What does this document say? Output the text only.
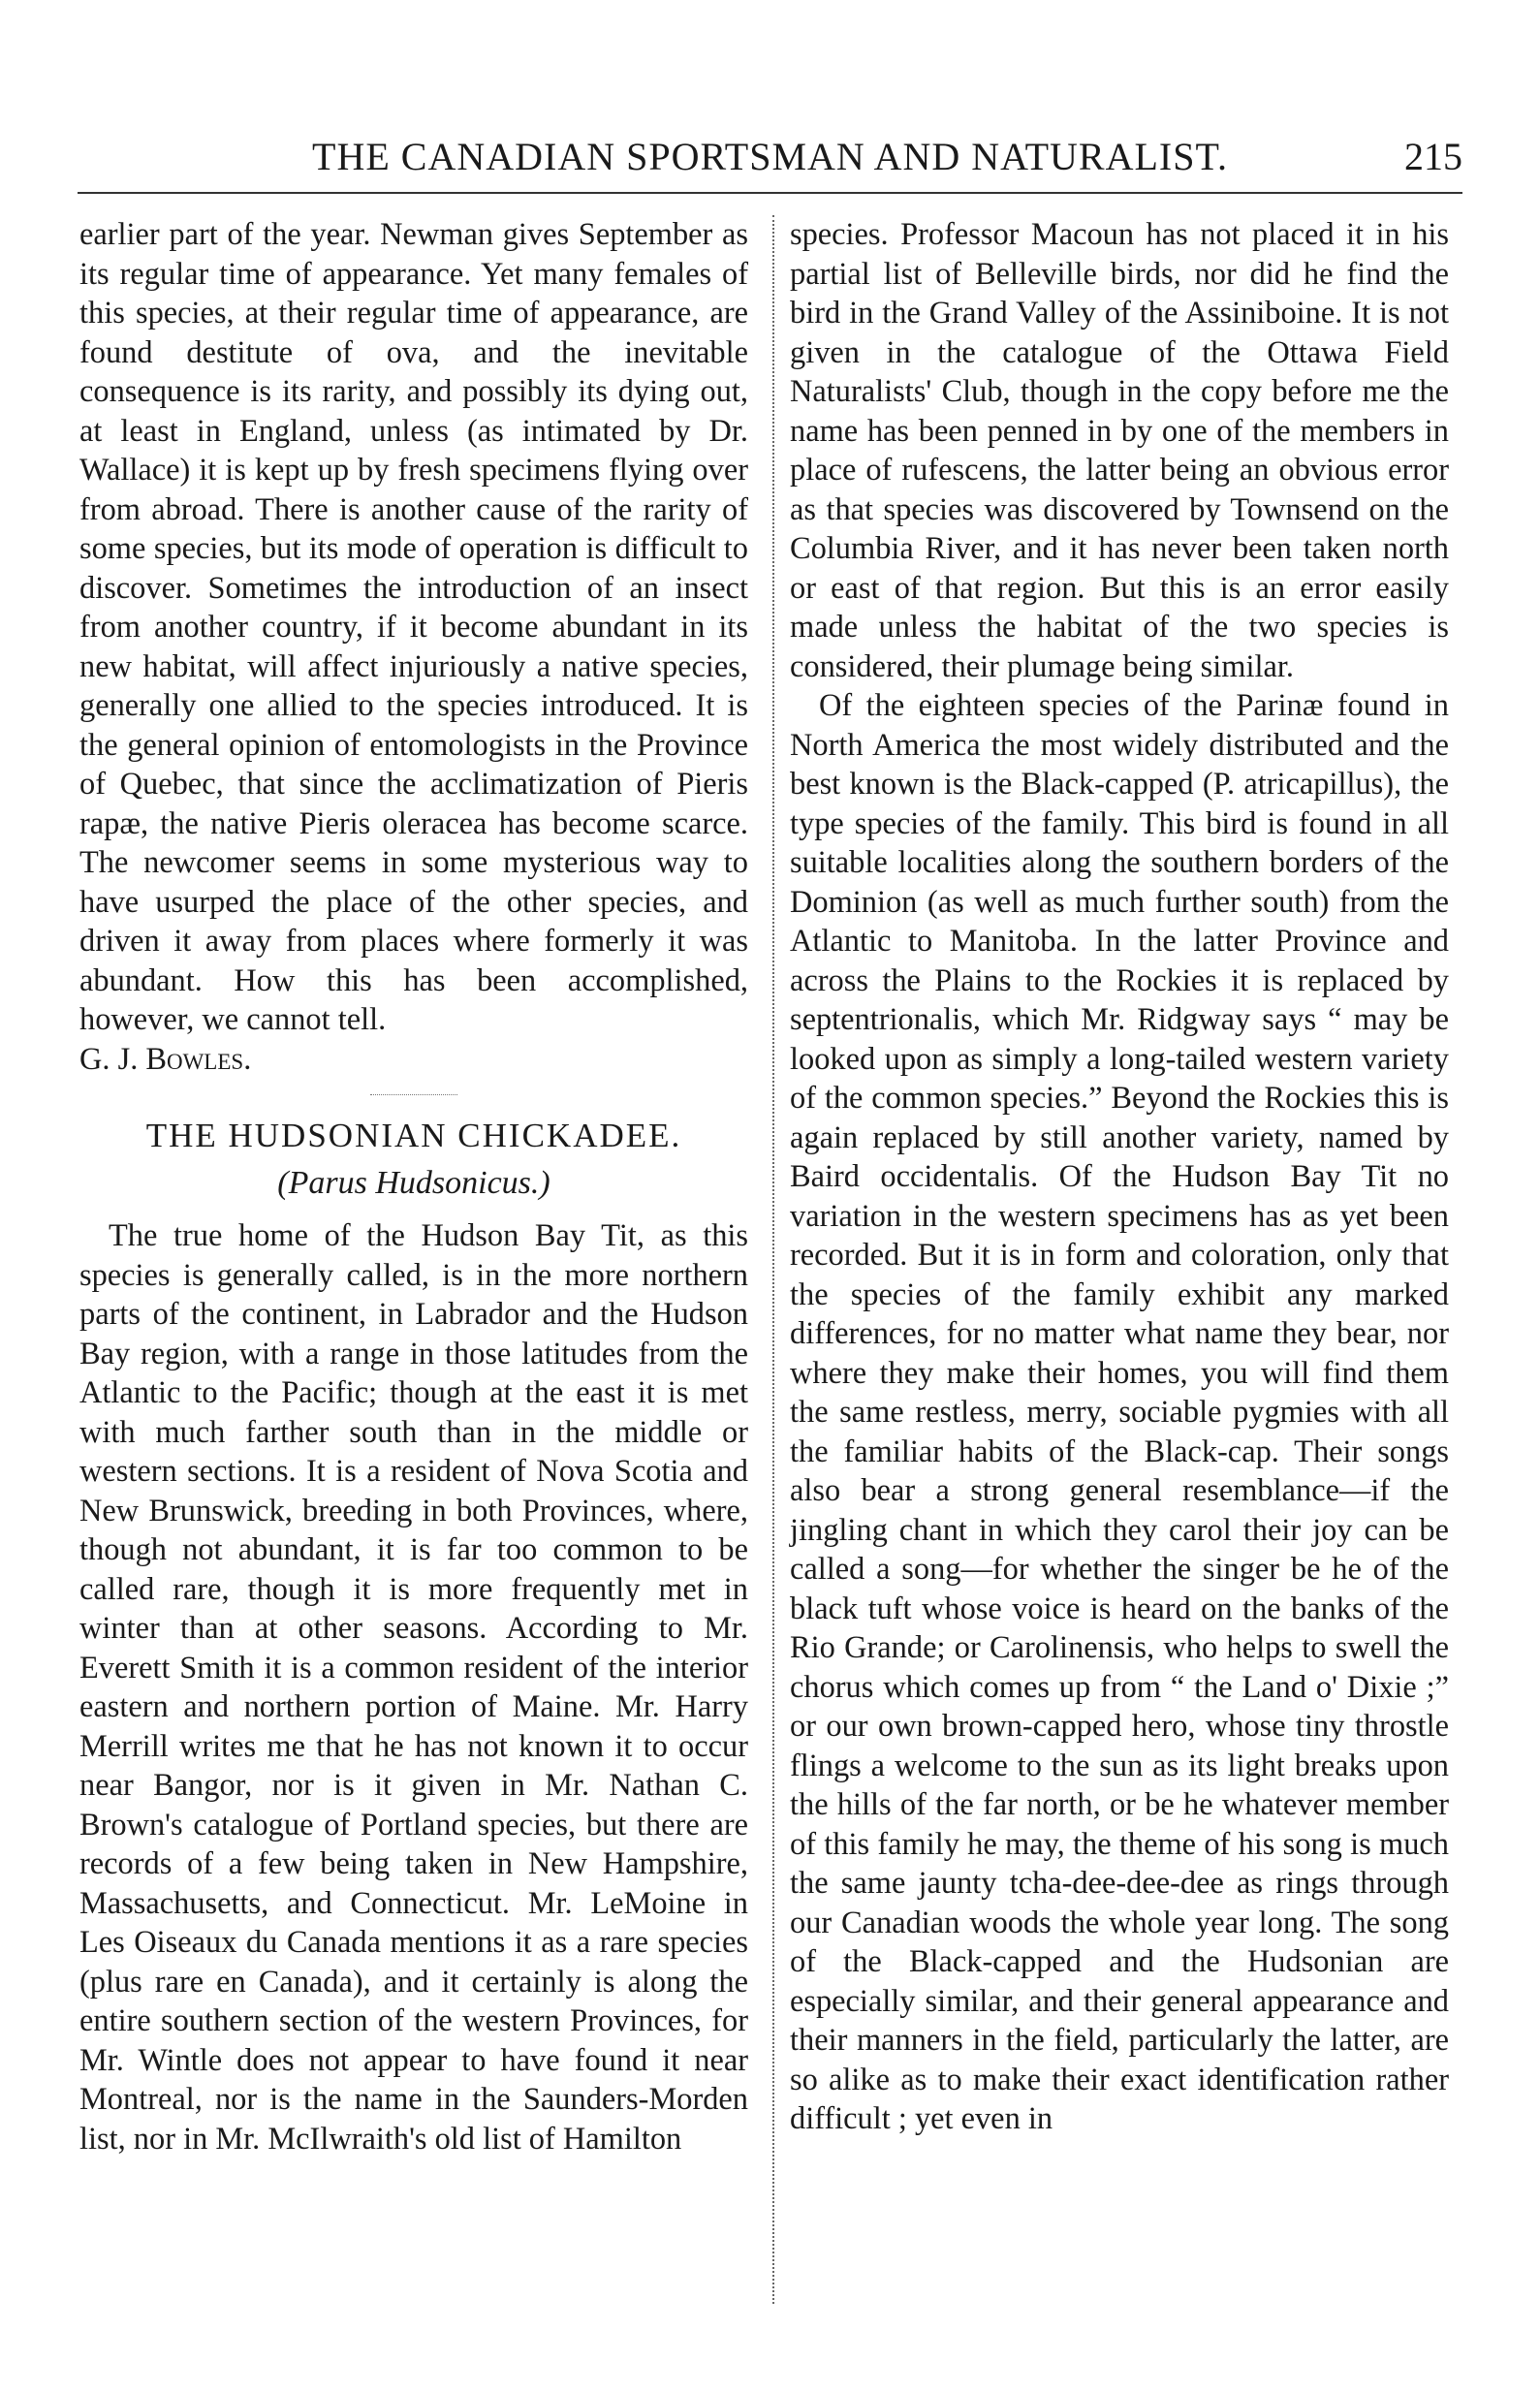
THE CANADIAN SPORTSMAN AND NATURALIST.	215

earlier part of the year. Newman gives September as its regular time of appearance. Yet many females of this species, at their regular time of appearance, are found destitute of ova, and the inevitable consequence is its rarity, and possibly its dying out, at least in England, unless (as intimated by Dr. Wallace) it is kept up by fresh specimens flying over from abroad. There is another cause of the rarity of some species, but its mode of operation is difficult to discover. Sometimes the introduction of an insect from another country, if it become abundant in its new habitat, will affect injuriously a native species, generally one allied to the species introduced. It is the general opinion of entomologists in the Province of Quebec, that since the acclimatization of Pieris rapæ, the native Pieris oleracea has become scarce. The newcomer seems in some mysterious way to have usurped the place of the other species, and driven it away from places where formerly it was abundant. How this has been accomplished, however, we cannot tell.

G. J. Bowles.

THE HUDSONIAN CHICKADEE.
(Parus Hudsonicus.)

The true home of the Hudson Bay Tit, as this species is generally called, is in the more northern parts of the continent, in Labrador and the Hudson Bay region, with a range in those latitudes from the Atlantic to the Pacific; though at the east it is met with much farther south than in the middle or western sections. It is a resident of Nova Scotia and New Brunswick, breeding in both Provinces, where, though not abundant, it is far too common to be called rare, though it is more frequently met in winter than at other seasons. According to Mr. Everett Smith it is a common resident of the interior eastern and northern portion of Maine. Mr. Harry Merrill writes me that he has not known it to occur near Bangor, nor is it given in Mr. Nathan C. Brown's catalogue of Portland species, but there are records of a few being taken in New Hampshire, Massachusetts, and Connecticut. Mr. LeMoine in Les Oiseaux du Canada mentions it as a rare species (plus rare en Canada), and it certainly is along the entire southern section of the western Provinces, for Mr. Wintle does not appear to have found it near Montreal, nor is the name in the Saunders-Morden list, nor in Mr. McIlwraith's old list of Hamilton

species. Professor Macoun has not placed it in his partial list of Belleville birds, nor did he find the bird in the Grand Valley of the Assiniboine. It is not given in the catalogue of the Ottawa Field Naturalists' Club, though in the copy before me the name has been penned in by one of the members in place of rufescens, the latter being an obvious error as that species was discovered by Townsend on the Columbia River, and it has never been taken north or east of that region. But this is an error easily made unless the habitat of the two species is considered, their plumage being similar.

Of the eighteen species of the Parinæ found in North America the most widely distributed and the best known is the Black-capped (P. atricapillus), the type species of the family. This bird is found in all suitable localities along the southern borders of the Dominion (as well as much further south) from the Atlantic to Manitoba. In the latter Province and across the Plains to the Rockies it is replaced by septentrionalis, which Mr. Ridgway says “ may be looked upon as simply a long-tailed western variety of the common species.” Beyond the Rockies this is again replaced by still another variety, named by Baird occidentalis. Of the Hudson Bay Tit no variation in the western specimens has as yet been recorded. But it is in form and coloration, only that the species of the family exhibit any marked differences, for no matter what name they bear, nor where they make their homes, you will find them the same restless, merry, sociable pygmies with all the familiar habits of the Black-cap. Their songs also bear a strong general resemblance—if the jingling chant in which they carol their joy can be called a song—for whether the singer be he of the black tuft whose voice is heard on the banks of the Rio Grande; or Carolinensis, who helps to swell the chorus which comes up from “ the Land o' Dixie ;” or our own brown-capped hero, whose tiny throstle flings a welcome to the sun as its light breaks upon the hills of the far north, or be he whatever member of this family he may, the theme of his song is much the same jaunty tcha-dee-dee-dee as rings through our Canadian woods the whole year long. The song of the Black-capped and the Hudsonian are especially similar, and their general appearance and their manners in the field, particularly the latter, are so alike as to make their exact identification rather difficult ; yet even in
